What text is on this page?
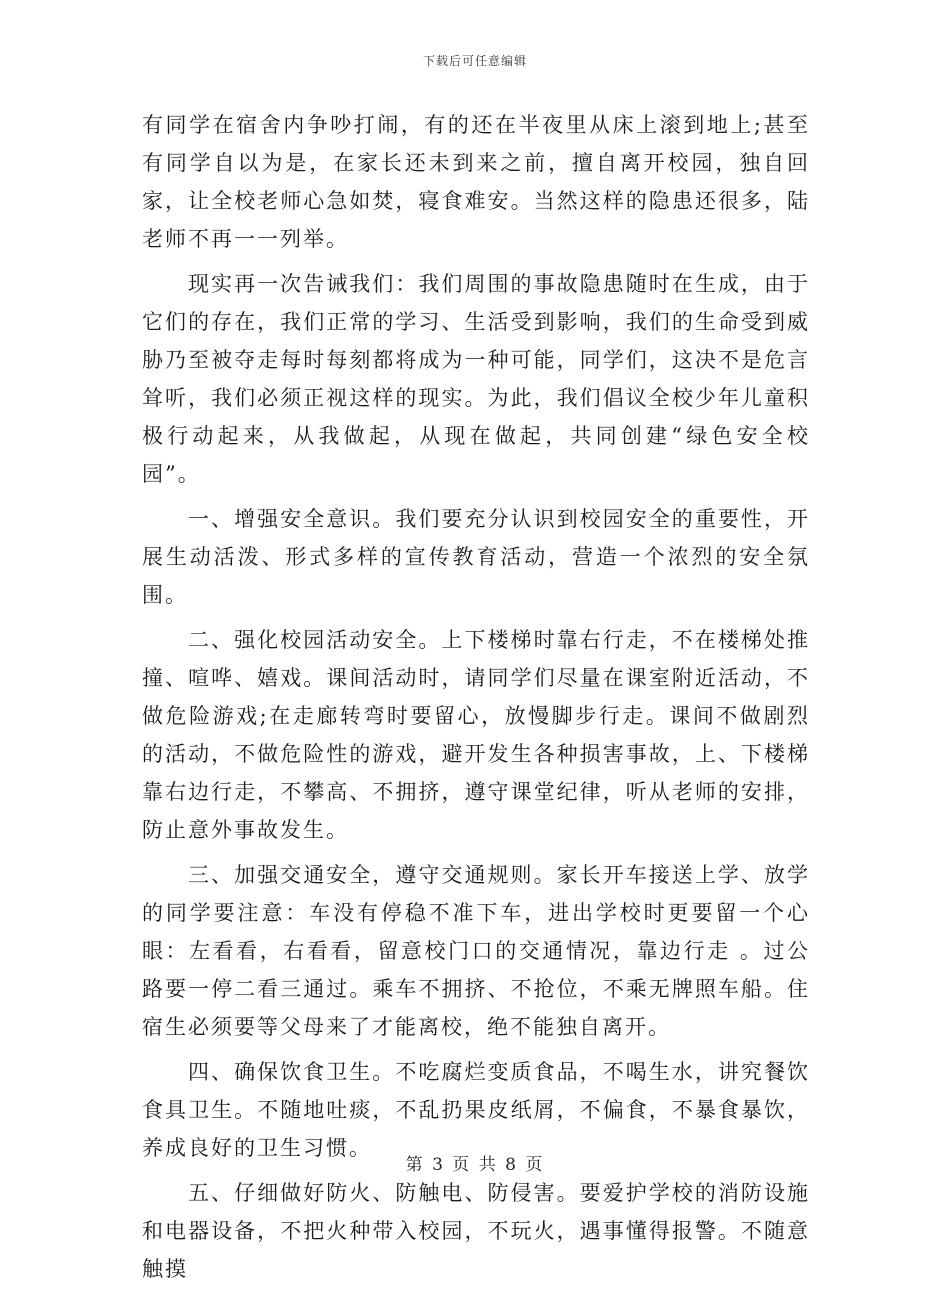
下载后可任意编辑

有同学在宿舍内争吵打闹，有的还在半夜里从床上滚到地上;甚至有同学自以为是，在家长还未到来之前，擅自离开校园，独自回家，让全校老师心急如焚，寝食难安。当然这样的隐患还很多，陆老师不再一一列举。

现实再一次告诫我们：我们周围的事故隐患随时在生成，由于它们的存在，我们正常的学习、生活受到影响，我们的生命受到威胁乃至被夺走每时每刻都将成为一种可能，同学们，这决不是危言耸听，我们必须正视这样的现实。为此，我们倡议全校少年儿童积极行动起来，从我做起，从现在做起，共同创建“绿色安全校园”。

一、增强安全意识。我们要充分认识到校园安全的重要性，开展生动活泼、形式多样的宣传教育活动，营造一个浓烈的安全氛围。

二、强化校园活动安全。上下楼梯时靠右行走，不在楼梯处推撞、喧哗、嬉戏。课间活动时，请同学们尽量在课室附近活动，不做危险游戏;在走廊转弯时要留心，放慢脚步行走。课间不做剧烈的活动，不做危险性的游戏，避开发生各种损害事故，上、下楼梯靠右边行走，不攀高、不拥挤，遵守课堂纪律，听从老师的安排，防止意外事故发生。

三、加强交通安全，遵守交通规则。家长开车接送上学、放学的同学要注意：车没有停稳不准下车，进出学校时更要留一个心眼：左看看，右看看，留意校门口的交通情况，靠边行走 。过公路要一停二看三通过。乘车不拥挤、不抢位，不乘无牌照车船。住宿生必须要等父母来了才能离校，绝不能独自离开。

四、确保饮食卫生。不吃腐烂变质食品，不喝生水，讲究餐饮食具卫生。不随地吐痰，不乱扔果皮纸屑，不偏食，不暴食暴饮，养成良好的卫生习惯。

五、仔细做好防火、防触电、防侵害。要爱护学校的消防设施和电器设备，不把火种带入校园，不玩火，遇事懂得报警。不随意触摸

第 3 页 共 8 页
